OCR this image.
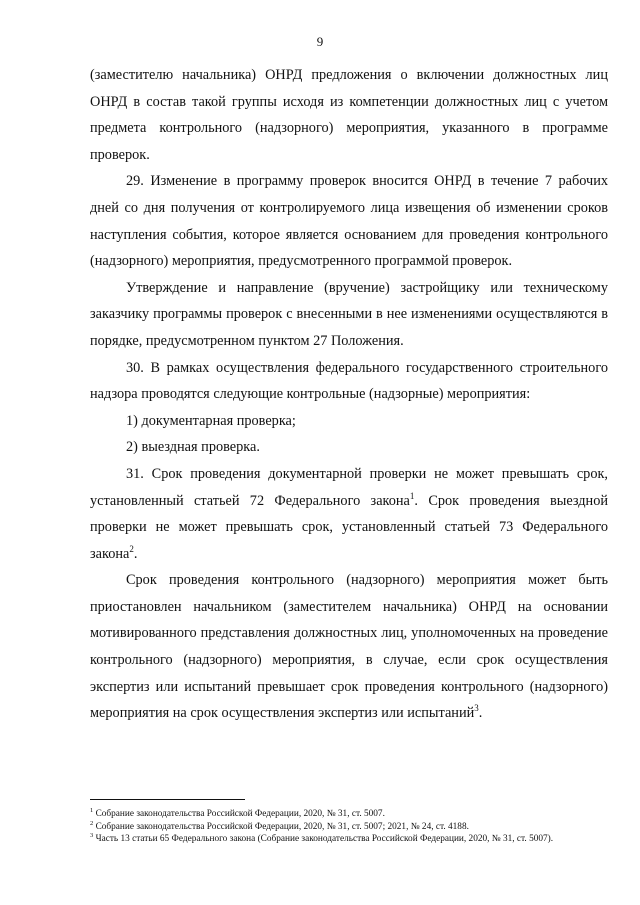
9

(заместителю начальника) ОНРД предложения о включении должностных лиц ОНРД в состав такой группы исходя из компетенции должностных лиц с учетом предмета контрольного (надзорного) мероприятия, указанного в программе проверок.

29. Изменение в программу проверок вносится ОНРД в течение 7 рабочих дней со дня получения от контролируемого лица извещения об изменении сроков наступления события, которое является основанием для проведения контрольного (надзорного) мероприятия, предусмотренного программой проверок.

Утверждение и направление (вручение) застройщику или техническому заказчику программы проверок с внесенными в нее изменениями осуществляются в порядке, предусмотренном пунктом 27 Положения.

30. В рамках осуществления федерального государственного строительного надзора проводятся следующие контрольные (надзорные) мероприятия:

1) документарная проверка;

2) выездная проверка.

31. Срок проведения документарной проверки не может превышать срок, установленный статьей 72 Федерального закона$^1$. Срок проведения выездной проверки не может превышать срок, установленный статьей 73 Федерального закона$^2$.

Срок проведения контрольного (надзорного) мероприятия может быть приостановлен начальником (заместителем начальника) ОНРД на основании мотивированного представления должностных лиц, уполномоченных на проведение контрольного (надзорного) мероприятия, в случае, если срок осуществления экспертиз или испытаний превышает срок проведения контрольного (надзорного) мероприятия на срок осуществления экспертиз или испытаний$^3$.

$^1$ Собрание законодательства Российской Федерации, 2020, № 31, ст. 5007.

$^2$ Собрание законодательства Российской Федерации, 2020, № 31, ст. 5007; 2021, № 24, ст. 4188.

$^3$ Часть 13 статьи 65 Федерального закона (Собрание законодательства Российской Федерации, 2020, № 31, ст. 5007).
